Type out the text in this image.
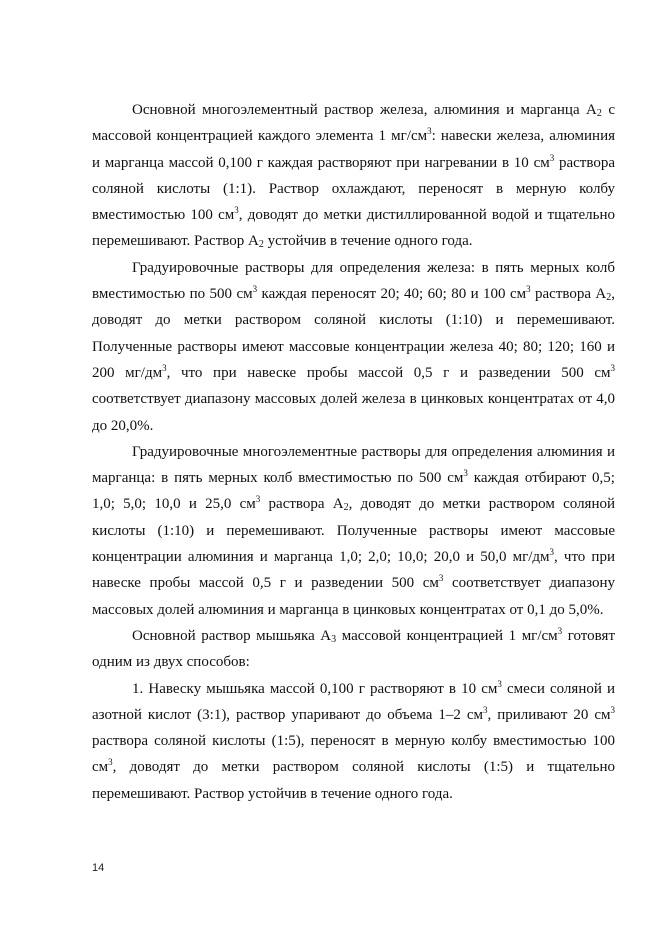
Основной многоэлементный раствор железа, алюминия и марганца $А_2$ с массовой концентрацией каждого элемента 1 $мг/см^3$: навески железа, алюминия и марганца массой 0,100 г каждая растворяют при нагревании в 10 $см^3$ раствора соляной кислоты (1:1). Раствор охлаждают, переносят в мерную колбу вместимостью 100 $см^3$, доводят до метки дистиллированной водой и тщательно перемешивают. Раствор $А_2$ устойчив в течение одного года.

Градуировочные растворы для определения железа: в пять мерных колб вместимостью по 500 $см^3$ каждая переносят 20; 40; 60; 80 и 100 $см^3$ раствора $А_2$, доводят до метки раствором соляной кислоты (1:10) и перемешивают. Полученные растворы имеют массовые концентрации железа 40; 80; 120; 160 и 200 $мг/дм^3$, что при навеске пробы массой 0,5 г и разведении 500 $см^3$ соответствует диапазону массовых долей железа в цинковых концентратах от 4,0 до 20,0%.

Градуировочные многоэлементные растворы для определения алюминия и марганца: в пять мерных колб вместимостью по 500 $см^3$ каждая отбирают 0,5; 1,0; 5,0; 10,0 и 25,0 $см^3$ раствора $А_2$, доводят до метки раствором соляной кислоты (1:10) и перемешивают. Полученные растворы имеют массовые концентрации алюминия и марганца 1,0; 2,0; 10,0; 20,0 и 50,0 $мг/дм^3$, что при навеске пробы массой 0,5 г и разведении 500 $см^3$ соответствует диапазону массовых долей алюминия и марганца в цинковых концентратах от 0,1 до 5,0%.

Основной раствор мышьяка $А_3$ массовой концентрацией 1 $мг/см^3$ готовят одним из двух способов:

1. Навеску мышьяка массой 0,100 г растворяют в 10 $см^3$ смеси соляной и азотной кислот (3:1), раствор упаривают до объема 1–2 $см^3$, приливают 20 $см^3$ раствора соляной кислоты (1:5), переносят в мерную колбу вместимостью 100 $см^3$, доводят до метки раствором соляной кислоты (1:5) и тщательно перемешивают. Раствор устойчив в течение одного года.

14
